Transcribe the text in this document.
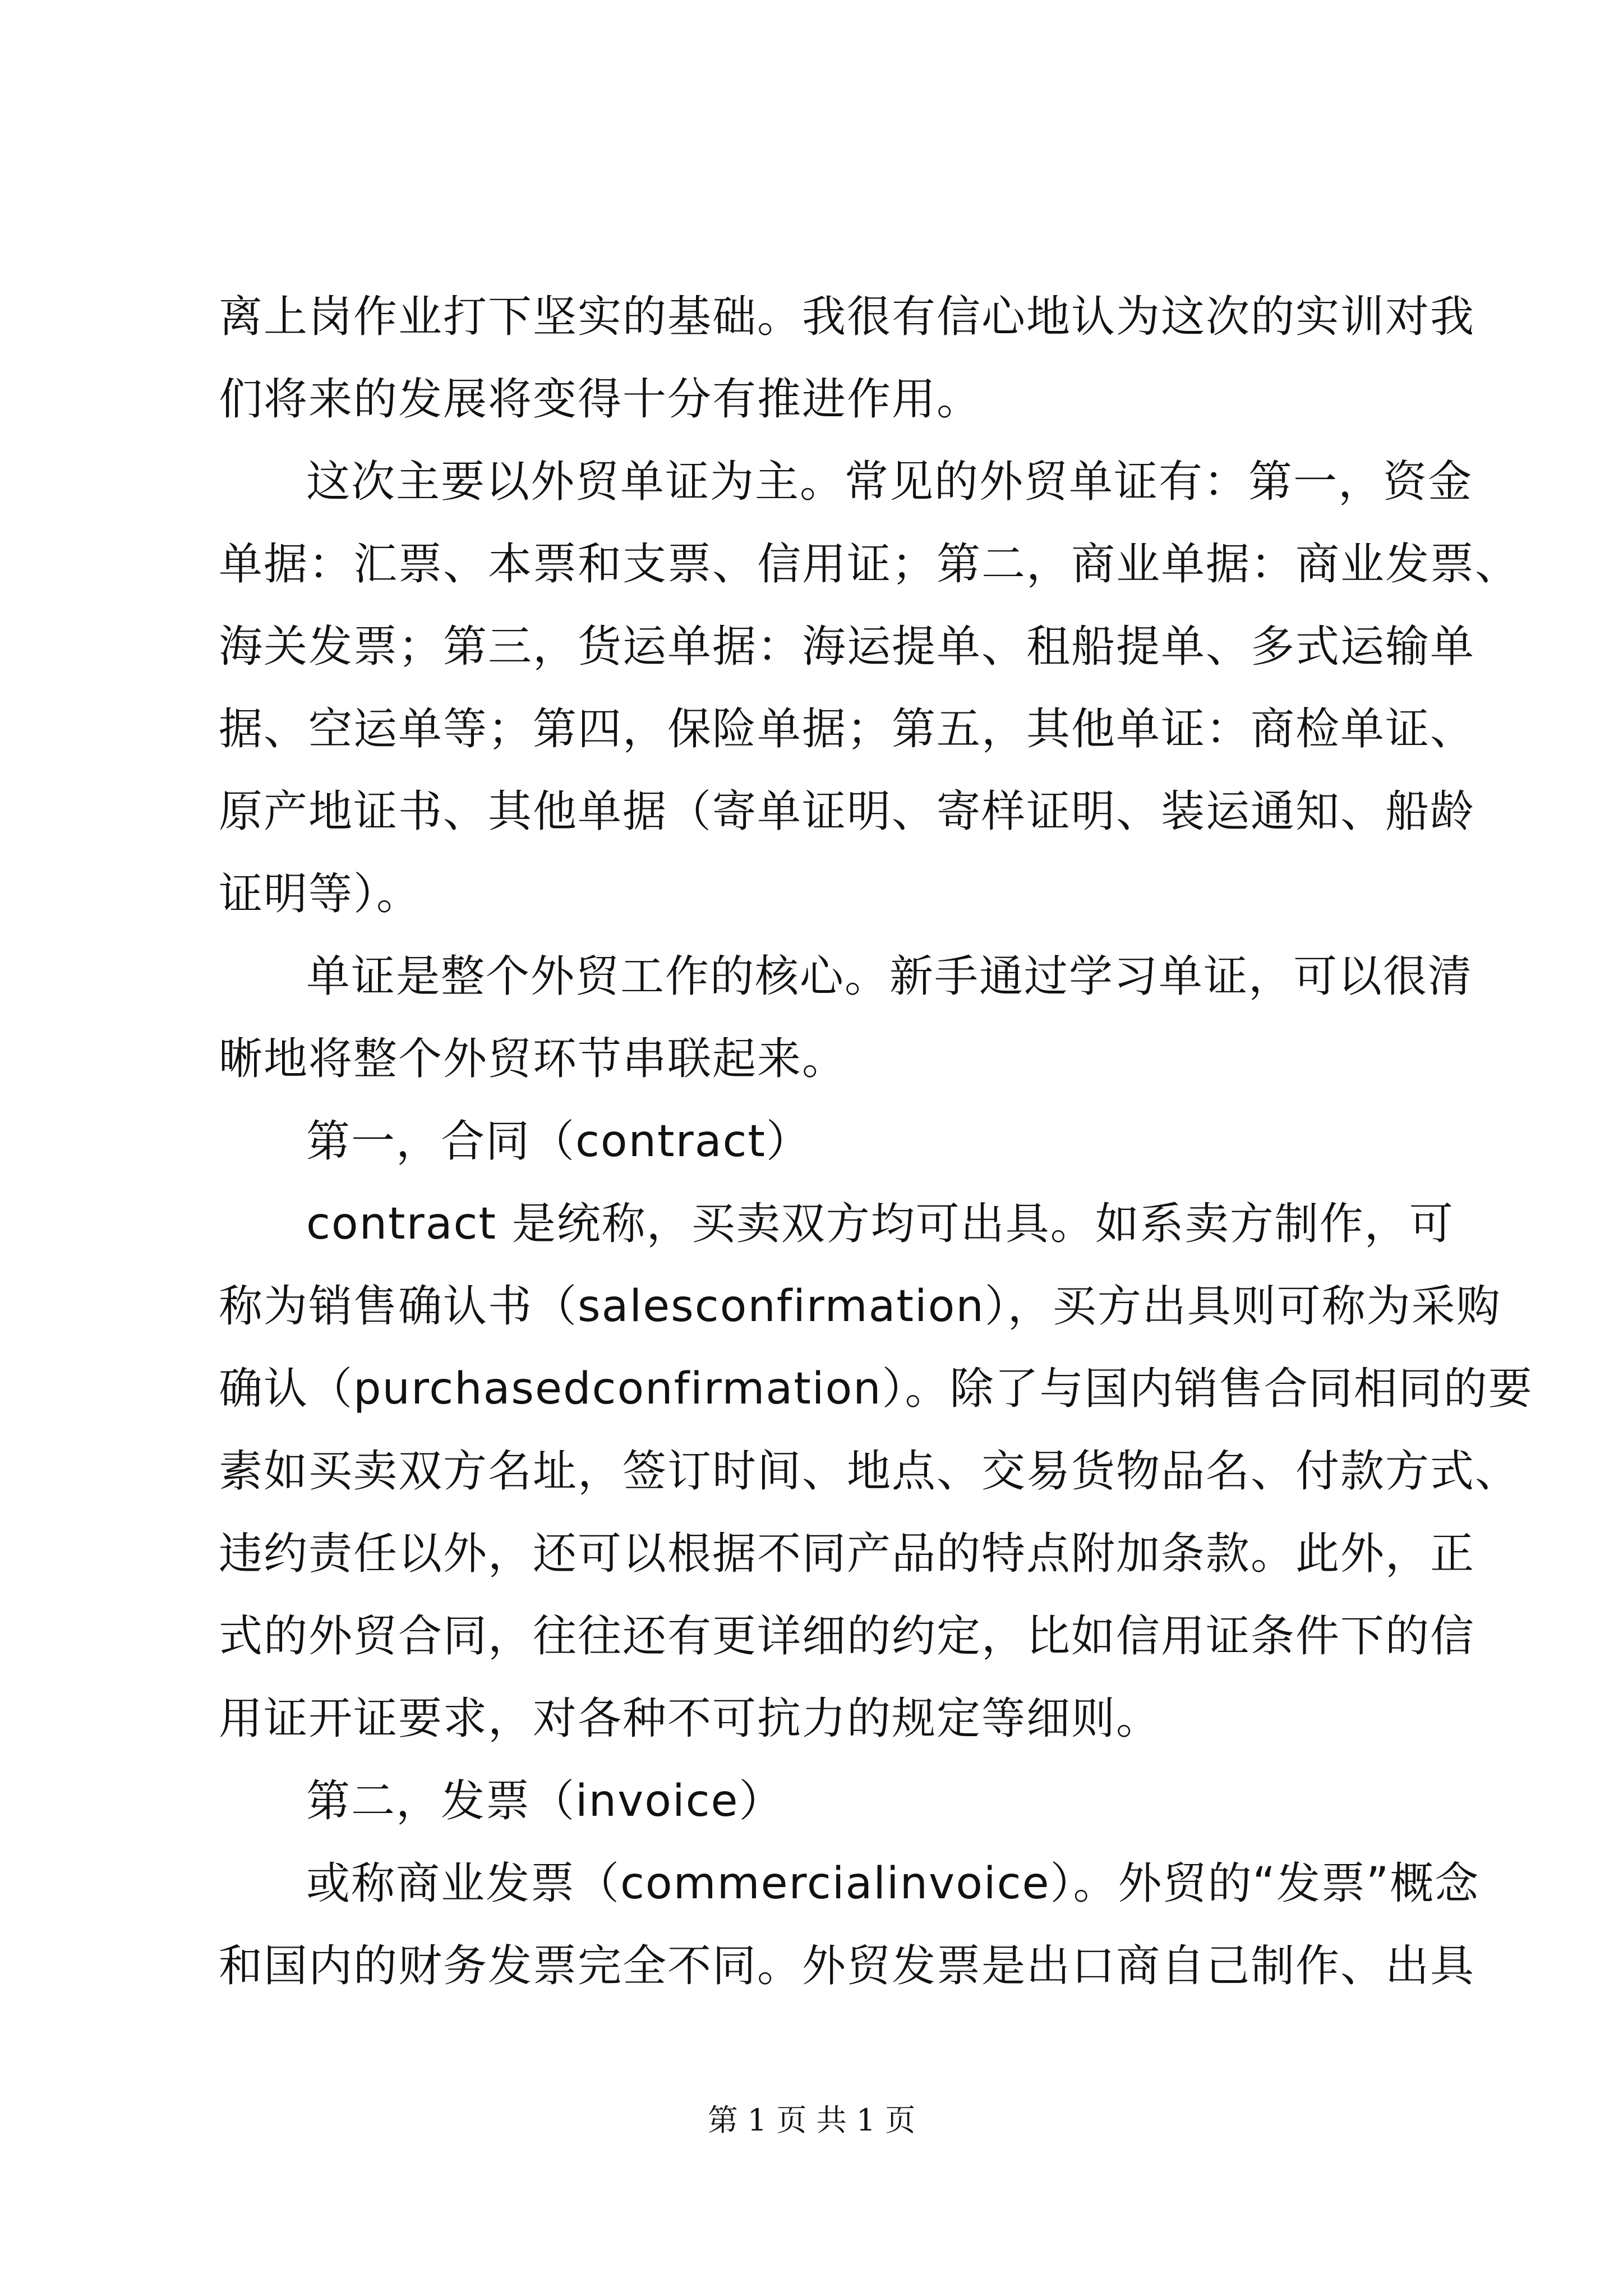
离上岗作业打下坚实的基础。我很有信心地认为这次的实训对我
们将来的发展将变得十分有推进作用。
这次主要以外贸单证为主。常见的外贸单证有：第一，资金
单据：汇票、本票和支票、信用证；第二，商业单据：商业发票、
海关发票；第三，货运单据：海运提单、租船提单、多式运输单
据、空运单等；第四，保险单据；第五，其他单证：商检单证、
原产地证书、其他单据（寄单证明、寄样证明、装运通知、船龄
证明等）。
单证是整个外贸工作的核心。新手通过学习单证，可以很清
晰地将整个外贸环节串联起来。
第一，合同（contract）
contract 是统称，买卖双方均可出具。如系卖方制作，可
称为销售确认书（salesconfirmation），买方出具则可称为采购
确认（purchasedconfirmation）。除了与国内销售合同相同的要
素如买卖双方名址，签订时间、地点、交易货物品名、付款方式、
违约责任以外，还可以根据不同产品的特点附加条款。此外，正
式的外贸合同，往往还有更详细的约定，比如信用证条件下的信
用证开证要求，对各种不可抗力的规定等细则。
第二，发票（invoice）
或称商业发票（commercialinvoice）。外贸的“发票”概念
和国内的财务发票完全不同。外贸发票是出口商自己制作、出具
第 1 页 共 1 页
